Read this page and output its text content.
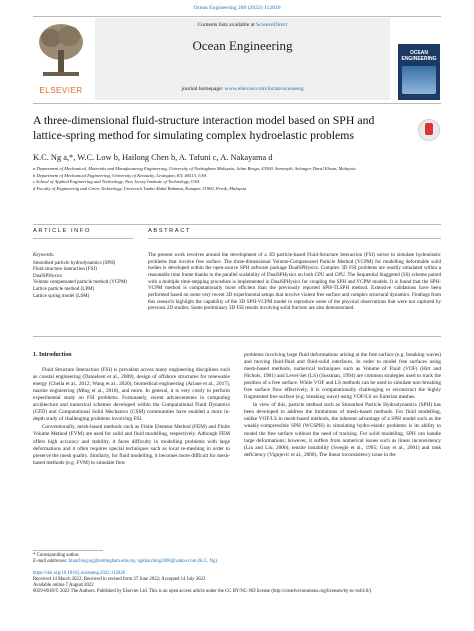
Ocean Engineering 260 (2022) 112026
ELSEVIER
Contents lists available at ScienceDirect
Ocean Engineering
journal homepage: www.elsevier.com/locate/oceaneng
OCEAN ENGINEERING
A three-dimensional fluid-structure interaction model based on SPH and lattice-spring method for simulating complex hydroelastic problems
K.C. Ng a,*, W.C. Low b, Hailong Chen b, A. Tafuni c, A. Nakayama d
a Department of Mechanical, Materials and Manufacturing Engineering, University of Nottingham Malaysia, Jalan Broga, 43500, Semenyih, Selangor Darul Ehsan, Malaysia
b Department of Mechanical Engineering, University of Kentucky, Lexington, KY, 40513, USA
c School of Applied Engineering and Technology, New Jersey Institute of Technology, USA
d Faculty of Engineering and Green Technology, Universiti Tunku Abdul Rahman, Kampar, 31900, Perak, Malaysia
ARTICLE INFO	ABSTRACT
Keywords:
Smoothed particle hydrodynamics (SPH)
Fluid structure interaction (FSI)
DualSPHysics
Volume compensated particle method (VCPM)
Lattice particle method (LPM)
Lattice spring model (LSM)
The present work revolves around the development of a 3D particle-based Fluid-Structure Interaction (FSI) solver to simulate hydroelastic problems that involve free surface. The three-dimensional Volume-Compensated Particle Method (VCPM) for modelling deformable solid bodies is developed within the open-source SPH software package DualSPHysics. Complex 3D FSI problems are readily simulated within a reasonable time frame thanks to the parallel scalability of DualSPHysics on both CPU and GPU. The Sequential Staggered (SS) scheme paired with a multiple time-stepping procedure is implemented in DualSPHysics for coupling the SPH and VCPM models. It is found that the SPH-VCPM method is computationally more efficient than the previously reported SPH-TLSPH method. Extensive validations have been performed based on some very recent 3D experimental setups that involve violent free surface and complex structural dynamics. Findings from this research highlight the capability of the 3D SPH-VCPM model to reproduce some of the physical observations that were not captured by previous 2D studies. Some preliminary 3D FSI results involving solid fracture are also demonstrated.
1. Introduction

Fluid Structure Interaction (FSI) is prevalent across many engineering disciplines such as coastal engineering (Danielsen et al., 2009), design of offshore structures for renewable energy (Chella et al., 2012; Wang et al., 2020), biomedical engineering (Ariane et al., 2017), marine engineering (Ming et al., 2018), and more. In general, it is very costly to perform experimental study on FSI problems. Fortunately, recent advancements in computing architecture and numerical schemes developed within the Computational Fluid Dynamics (CFD) and Computational Solid Mechanics (CSM) communities have enabled a more in-depth study of challenging problems involving FSI.

Conventionally, mesh-based methods such as Finite Element Method (FEM) and Finite Volume Method (FVM) are used for solid and fluid modelling, respectively. Although FEM offers high accuracy and stability, it faces difficulty in modelling problems with large deformations and it often requires special techniques such as local re-meshing in order to preserve the mesh quality. Similarly, for fluid modelling, it becomes more difficult for mesh-based methods (e.g. FVM) to simulate flow

problems involving large fluid deformations arising at the free surface (e.g. breaking waves) and moving fluid-fluid and fluid-solid interfaces. In order to model free surfaces using mesh-based methods, numerical techniques such as Volume of Fluid (VOF) (Hirt and Nichols, 1981) and Level-Set (LS) (Sussman, 1994) are common strategies used to track the position of a free surface. While VOF and LS methods can be used to simulate non-breaking free surface flow effectively, it is computationally challenging to reconstruct the highly fragmented free surface (e.g. breaking wave) using VOF/LS on Eulerian meshes.

In view of this, particle method such as Smoothed Particle Hydrodynamics (SPH) has been developed to address the limitations of mesh-based methods. For fluid modelling, unlike VOF/LS in mesh-based methods, the inherent advantage of a SPH model such as the weakly-compressible SPH (WCSPH) in simulating hydro-elastic problems is its ability to model the free surface without the need of tracking. For solid modelling, SPH can handle large deformations; however, it suffers from numerical issues such as linear inconsistency (Liu and Liu, 2006), tensile instability (Swegle et al., 1995; Gray et al., 2001) and rank deficiency (Vignjevic et al., 2000). The linear inconsistency issue in the

* Corresponding author.
E-mail addresses: khaiching.ng@nottingham.edu.my, ngkhaiching2000@yahoo.com (K.C. Ng).
https://doi.org/10.1016/j.oceaneng.2022.112026
Received 14 March 2022; Received in revised form 27 June 2022; Accepted 14 July 2022
Available online 7 August 2022
0029-8018/© 2022 The Authors. Published by Elsevier Ltd. This is an open access article under the CC BY-NC-ND license (http://creativecommons.org/licenses/by-nc-nd/4.0/).
